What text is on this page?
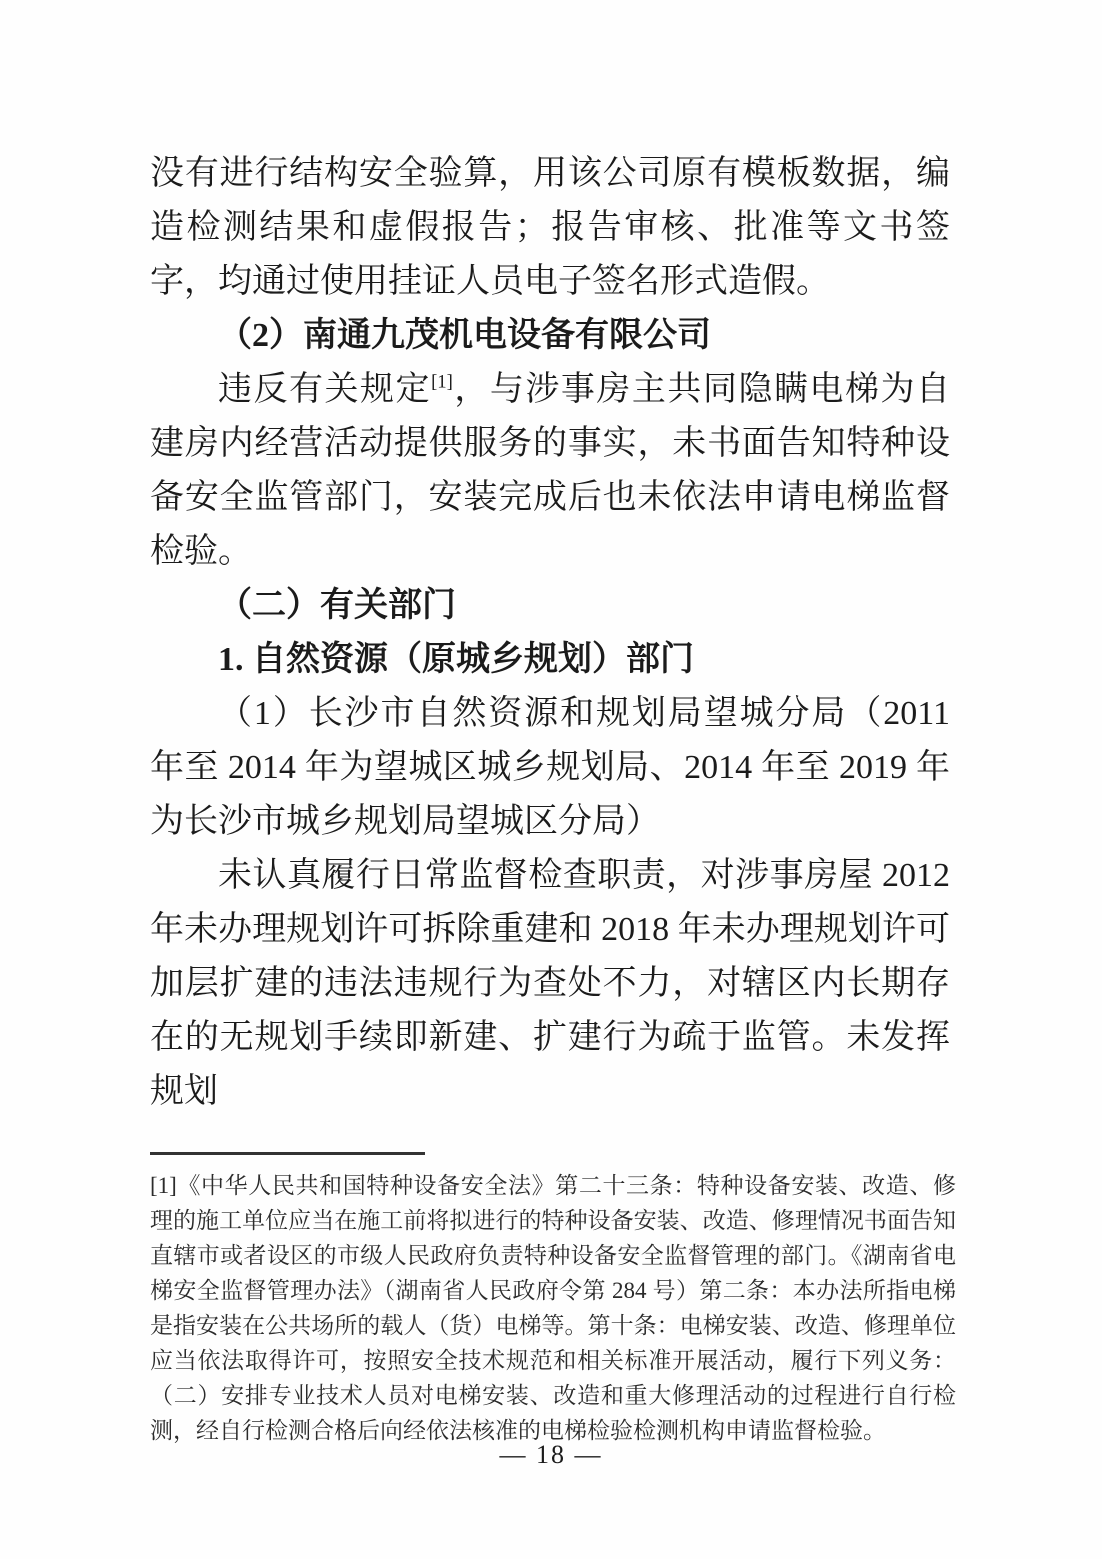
没有进行结构安全验算，用该公司原有模板数据，编造检测结果和虚假报告；报告审核、批准等文书签字，均通过使用挂证人员电子签名形式造假。

（2）南通九茂机电设备有限公司

违反有关规定[1]，与涉事房主共同隐瞒电梯为自建房内经营活动提供服务的事实，未书面告知特种设备安全监管部门，安装完成后也未依法申请电梯监督检验。

（二）有关部门

1. 自然资源（原城乡规划）部门

（1）长沙市自然资源和规划局望城分局（2011 年至 2014 年为望城区城乡规划局、2014 年至 2019 年为长沙市城乡规划局望城区分局）

未认真履行日常监督检查职责，对涉事房屋 2012 年未办理规划许可拆除重建和 2018 年未办理规划许可加层扩建的违法违规行为查处不力，对辖区内长期存在的无规划手续即新建、扩建行为疏于监管。未发挥规划

[1]《中华人民共和国特种设备安全法》第二十三条：特种设备安装、改造、修理的施工单位应当在施工前将拟进行的特种设备安装、改造、修理情况书面告知直辖市或者设区的市级人民政府负责特种设备安全监督管理的部门。《湖南省电梯安全监督管理办法》（湖南省人民政府令第 284 号）第二条：本办法所指电梯是指安装在公共场所的载人（货）电梯等。第十条：电梯安装、改造、修理单位应当依法取得许可，按照安全技术规范和相关标准开展活动，履行下列义务：（二）安排专业技术人员对电梯安装、改造和重大修理活动的过程进行自行检测，经自行检测合格后向经依法核准的电梯检验检测机构申请监督检验。

— 18 —
